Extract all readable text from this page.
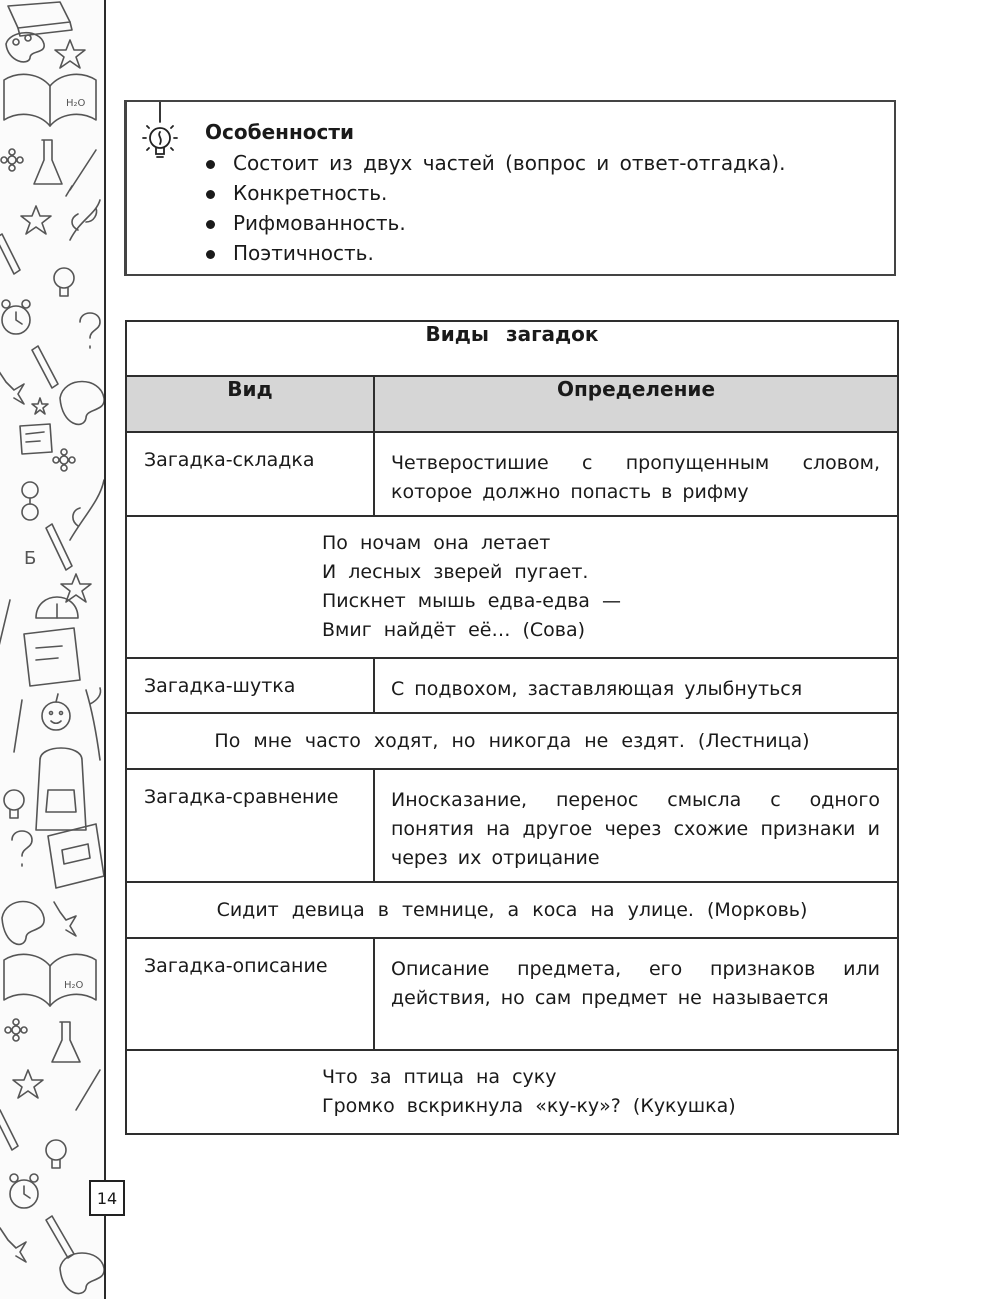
H₂O
Б
H₂O
14
Особенности
Состоит из двух частей (вопрос и ответ-отгадка).
Конкретность.
Рифмованность.
Поэтичность.
Виды загадок	
Вид	Определение
Загадка-складка	Четверостишие с пропущенным словом, которое должно попасть в рифму

По ночам она летает
И лесных зверей пугает.
Пискнет мышь едва-едва —
Вмиг найдёт её… (Сова)	

Загадка-шутка	С подвохом, заставляющая улыбнуться
По мне часто ходят, но никогда не ездят. (Лестница)	
Загадка-сравнение	Иносказание, перенос смысла с одного понятия на другое через схожие признаки и через их отрицание
Сидит девица в темнице, а коса на улице. (Морковь)	
Загадка-описание	Описание предмета, его признаков или действия, но сам предмет не называется

Что за птица на суку
Громко вскрикнула «ку-ку»? (Кукушка)	
